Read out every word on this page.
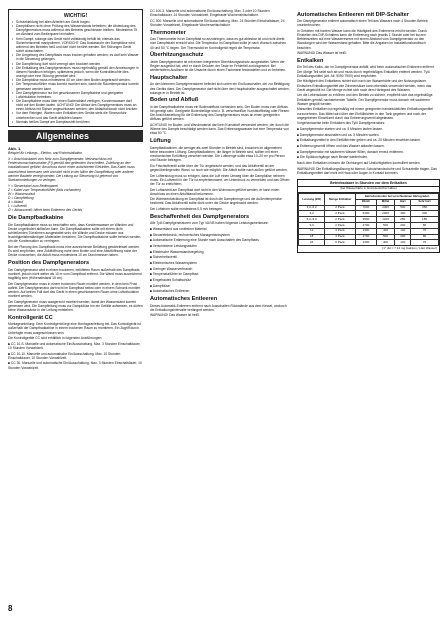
WICHTIG!
• Schutzkleidung bei allen Arbeiten am Gerät tragen.
• Dampfdüsen nicht ohne Prüfung des Wasserstands betreiben; die Abdeckung des Dampfgenerators muss während des Betriebs geschlossen bleiben. Mindestens 75 cm Abstand zum Bedienpanel einhalten.
• Kein Dampf, solange das Gerät nicht vollständig befüllt ist; niemals das Sicherheitsventil manipulieren. VORSICHT: Das Auslassrohr der Dampfdüse wird während des Betriebs heiß und darf nicht berührt werden. Bei Störungen Gerät sofort ausschalten.
• Die Umgebung des Dampfbads muss trocken gehalten werden; es darf kein Wasser in die Steuerung gelangen.
• Die Dampfleitung darf nicht verengt oder blockiert werden.
• Die Entkalkung des Dampfgenerators muss regelmäßig gemäß den Anweisungen in diesem Handbuch erfolgen, spätestens jedoch, wenn die Kontrollleuchte dies anzeigt oder eine Störung gemeldet wird.
• Die Dampfdüse muss mindestens 40 cm über dem Boden angebracht werden.
• Der Temperaturfühler muss korrekt montiert sein, damit die Raumtemperatur korrekt gemessen werden kann.
• Den Dampfgenerator nur bei geschlossener Dampfkabine und geeigneter Luftzirkulation betreiben.
• Die Dampfkabine muss über einen Bodenablauf verfügen; Kondenswasser darf nicht auf den Boden laufen. ACHTUNG! Der Ablauf des Dampfgenerators muss an einen Abfluss mit Siphon angeschlossen werden; den Ablaufschlauch nicht knicken.
• Vor dem Reinigen, Warten oder Entkalken des Geräts stets die Stromzufuhr unterbrechen und das Gerät abkühlen lassen.
• Niemals heißes Dampf am Dampfaustritt berühren.
Allgemeines
Abb. 1.
Beispiel für Leitungs-, Elektro- und Rohrinstallation

X = Anschlusskabel vom Netz zum Dampfgenerator. Netzanschluss mit Fehlerstromschutzschalter (FI) gemäß den geltenden Vorschriften. Zuleitung an den Installationsort geführt; Anschluss durch einen autorisierten Elektriker. Das Kabel muss ausreichend bemessen sein und darf nicht in der Nähe der Dampfleitung oder anderer warmer Bauteile verlegt werden. Die Leitung zur Steuerung ist getrennt von Starkstromleitungen zu verlegen.

Y = Steuerkabel zum Bedienpanel
Z = Kabel zum Temperaturfühler (falls vorhanden)
W = Wasserzulauf
D = Dampfleitung
A = Ablauf
L = Luftventil
Ö = Ablassventil; öffnet beim Entleeren des Geräts
Die Dampfbadkabine

Die Dampfbadkabine muss so beschaffen sein, dass Kondenswasser an Wänden und Decke ungehindert abfließen kann. Die Dampfbadkabine sollte mit einem dicht schließenden Türrahmen ausgestattet sein; die Wände und Decke müssen aus feuchtigkeitsbeständigen Materialien bestehen. Die Dampfbadkabine sollte beheizt werden, um die Kondensation zu verringern.

Bei der Planung des Dampfbads muss eine ausreichende Belüftung gewährleistet werden. Es wird empfohlen, eine Zuluftöffnung nahe dem Boden und eine Abluftöffnung nahe der Decke vorzusehen; die Abluft muss mindestens 10 cm Durchmesser haben.

Position des Dampfgenerators

Der Dampfgenerator wird in einem trockenen, belüfteten Raum außerhalb des Dampfbads montiert, jedoch nicht weiter als 10 m vom Dampfbad entfernt. Die Wand muss ausreichend tragfähig sein (Höhenabstand 15 cm).

Der Dampfgenerator muss in einem trockenen Raum montiert werden, in dem kein Frost auftritt. Der Dampfgenerator darf nicht im Dampfbad selbst oder in einem Schrank montiert werden. Auf keinen Fall darf das Gerät in einen geschlossenen Raum ohne Luftzirkulation montiert werden.

Der Dampfgenerator muss waagerecht montiert werden, damit der Wasserstand korrekt gemessen wird. Die Dampfleitung muss zur Dampfdüse hin ein Gefälle aufweisen; es dürfen keine Wassersäcke in der Leitung entstehen.

Kontrollgerät CC

Montageanleitung: Dem Kontrollgerät liegt eine Montageanleitung bei. Das Kontrollgerät ist außerhalb der Dampfbadkabine in einem trockenen Raum zu montieren. Ein Zugriff durch Unbefugte muss ausgeschlossen sein.

Die Kontrollgeräte CC sind erhältlich in folgenden Ausführungen:

■ CC 10-S. Manuelle und automatische Ein/Ausschaltung. Max. 3 Stunden Einschaltdauer, 10 Stunden Vorwahlzeit.

■ CC 10-10. Manuelle und automatische Ein/Ausschaltung. Max. 10 Stunden Einschaltdauer, 10 Stunden Vorwahlzeit.

■ CC 30. Manuelle und automatische Ein/Ausschaltung. Max. 3 Stunden Einschaltdauer, 10 Stunden Vorwahlzeit.

CC 100-3. Manuelle und automatische Ein/Ausschaltung. Max. 3 oder 10 Stunden Einschaltdauer, 24 Stunden Vorwahlzeit, Eingebaute Wochenzeitschaltuhr.

CC 300. Manuelle und automatische Ein/Ausschaltung. Max. 24 Stunden Einschaltdauer, 24 Stunden Vorwahlzeit, Eingebaute Wochenzeitschaltuhr.

Thermometer

Das Thermometer ist im Dampfbad so anzubringen, dass es gut ablesbar ist und nicht direkt vom Dampfstrahl erreicht wird. Die Temperatur im Dampfbad sollte je nach Wunsch zwischen 40 und 50 °C liegen. Der Thermostat im Kontrollgerät regelt die Temperatur.

Überhitzungsschutz

Jeder Dampfgenerator ist mit einem integrierten Überhitzungsschutz ausgestattet. Wenn der Regler ausgelöst hat, wird er durch Drücken der Taste im Fehlerfall zurückgesetzt. Bei wiederholtem Auslösen ist die Ursache durch einen Fachmann festzustellen und zu beheben.

Hauptschalter

An den kleineren Dampfgeneratoren befindet sich unten ein Ein/Ausschalter, der zur Betätigung des Geräts dient. Der Dampfgenerator darf nicht über den Hauptschalter ausgeschaltet werden, solange er in Betrieb ist.

Boden und Abfluß

In der Dampfbadkabine muss ein Bodenabfluss vorhanden sein. Der Boden muss zum Abfluss hin geneigt sein. Geeignete Bodenbeläge sind z. B. verschweißter Kunststoffbelag oder Fliesen. Die Anschlussleitung für die Entleerung des Dampfgenerators muss an einen geeigneten Abfluss geführt werden.

ACHTUNG! Im Boden- und Wandmaterial darf kein Kunststoff verwendet werden, der durch die Wärme des Dampfs beschädigt werden kann. Das Entleerungswasser hat eine Temperatur von etwa 90 °C.

Lüftung

Dampfbadkabinen, die weniger als zwei Stunden in Betrieb sind, brauchen im allgemeinen keine besondere Lüftung. Dampfbadkabinen, die länger in Betrieb sind, sollten mit einer mechanischen Entlüftung versehen werden. Die Luftmenge sollte etwa 10–20 m³ pro Person und Stunde betragen.

Ein Frischluftventil sollte über der Tür angebracht werden, und das Abluftventil an der gegenüberliegenden Wand, so hoch wie möglich. Die Abluft sollte nach außen geführt werden.

Der Lüfterabzug muss so erfolgen, dass die Luft einen Umweg über die Dampfdüse nehmen muss. Ein Luftventil in der Tür ist empfehlenswert, um Unterdruck zu vermeiden und das Öffnen der Tür zu erleichtern.

Der Luftaustritt am Dampfbad darf nicht in den Wohnraum geführt werden; er kann einen Anschluss an einen Abluftkanal bekommen.

Die Wärmeentwicklung im Dampfbad ist durch die Dampfmenge und die Außentemperatur bestimmt. Das Abluftventil sollte dicht unter der Decke angebracht werden.

Der Luftstrom sollte mindestens 0,5 m/s betragen.

Beschaffenheit des Dampfgenerators

Alle Tylö Dampfgeneratoren vom Typ VA/VB haben folgende Leistungsmerkmale:

■ Wasserstand aus rostfreiem Material

■ Steuerelektronik, rechnerisches Managementsystem

■ Automatische Entleerung eine Stunde nach Ausschalten des Dampfbads

■ Verschiedene Leistungsstufen

■ Elektrische Wasserstandsregelung

■ Sicherheitsventil

■ Elektronisches Wassersystem

■ Geringer Wasserverbrauch

■ Temperaturfühler im Dampfbad

■ Eingebautes Schaltschütz

■ Dampfdüse

■ Automatisches Entleeren

Automatisches Entleeren

Dieses Automatik-Entleeren entfernt nach Ausschalten Rückstände aus dem Kessel, wodurch die Entkalkungsintervalle verlängert werden.

WARNUNG! Das Wasser ist heiß!

Automatisches Entleeren mit DIP-Schalter

Der Dampfgenerator entleert automatisch einen Teil des Wassers nach 4 Stunden Betrieb ununterbrochen.

In Gebieten mit hartem Wasser kann die Häufigkeit des Entleerens erhöht werden. Durch Einstellen des DIP-Schalters kann die Entleerung nach jeweils 1 Stunde oder bei kurzen Betriebszeiten auf eine Wasserreserve mit einem Abstand vom Dampfgenerator zu den Wandungen wird der Wasserstand gehalten. Bitte die Angaben im Installationshandbuch beachten.

WARNUNG! Das Wasser ist heiß!

Entkalken

Ein Teil des Kalks, der im Dampfgenerator anfällt, wird beim automatischen Entleeren entfernt. Der übrige Teil setzt sich ab und muss durch regelmäßiges Entkalken entfernt werden. Tylö Entkalkungsmittel (Art.-Nr. 9090 7900) wird empfohlen.

Die Häufigkeit des Entkalkens richtet sich nach der Wasserhärte und der Nutzungsdauer. Einfaches Entkalkungsmittel wie Zitronensäure kann ebenfalls verwendet werden, wenn das Gerät abgekühlt ist. Die Menge richtet sich nach dem Härtegrad des Wassers.

Um die Lebensdauer zu erhöhen und den Betrieb zu sichern, empfiehlt sich das regelmäßige Entkalken gemäß nachstehender Tabelle. Der Dampfgenerator muss danach mit sauberem Wasser gespült werden.

Manuelles Entkalken ist regelmäßig mit einem geeigneten handelsüblichen Entkalkungsmittel vorzunehmen. Das Mittel wird über den Einfülltrichter in den Tank gegeben und nach der angegebenen Einwirkzeit durch das Entleerungsventil abgelassen.

Vorgehensweise beim Entkalken des Tylö Dampfgenerators:

■ Dampfgenerator starten und ca. 5 Minuten laufen lassen.

■ Dampfgenerator abschalten und ca. 5 Minuten warten.

■ Entkalkungsmittel in den Einfülltrichter geben und ca. 20 Minuten einwirken lassen.

■ Entleerungsventil öffnen und das Wasser ablaufen lassen.

■ Dampfgenerator mit sauberem Wasser füllen, danach erneut entleeren.

■ Die Spüldurchgänge nach Bedarf wiederholen.

Nach dem Entkalken müssen die Dichtungen auf Undichtigkeiten kontrolliert werden.

WARNUNG! Die Entkalkungslösung ist ätzend; Schutzhandschuhe und Schutzbrille tragen. Das Entkalkungsmittel darf nicht mit Haut oder Augen in Kontakt kommen.

Betriebsdauer in Stunden vor dem Entkalken
(bei Wasserhärte in Grad deutscher Härte)
Leistung (kW)	Menge Entkalker	Betriebsstunden bei verschiedenen Härtegraden			
		Weich	Mittel	Hart	Sehr hart
3,0–6,2	2 Pack.	7000	2300	500	350
6,2	2 Pack.	6400	2000	400	300
6,2–9,0	2 Pack.	3500	1200	250	180
9,0	2 Pack.	1700	500	200	80
12	3 Pack.	1300	400	140	70
18	4 Pack.	1700	500	200	80
24	6 Pack.	1300	400	140	70
(1° dH = 7,14 mg Calcium / Liter Wasser)
8
